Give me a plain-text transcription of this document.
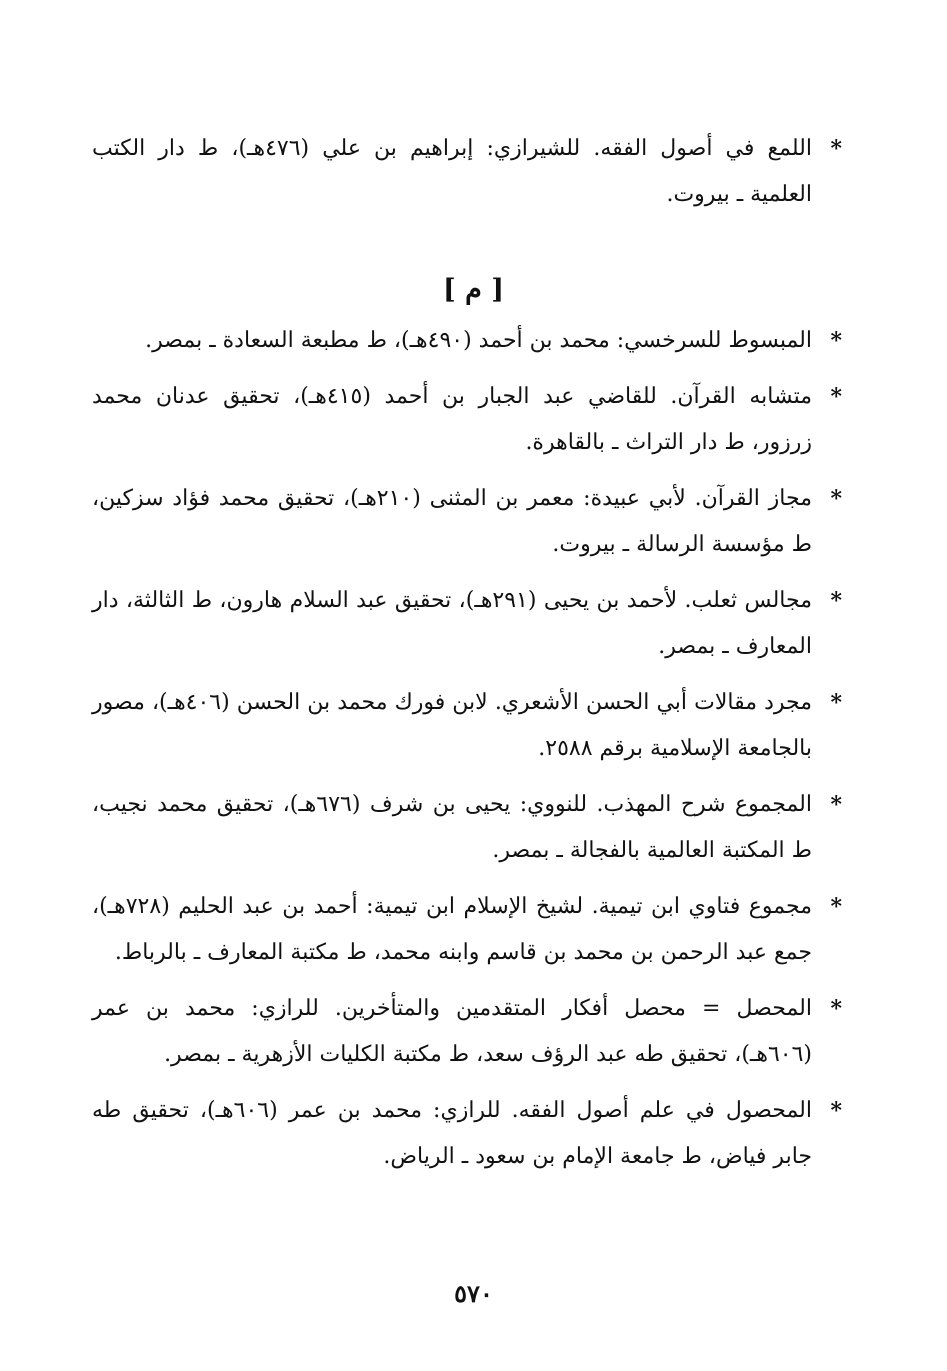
*
اللمع في أصول الفقه. للشيرازي: إبراهيم بن علي (٤٧٦هـ)، ط دار الكتب العلمية ـ بيروت.
[ م ]
*
المبسوط للسرخسي: محمد بن أحمد (٤٩٠هـ)، ط مطبعة السعادة ـ بمصر.
*
متشابه القرآن. للقاضي عبد الجبار بن أحمد (٤١٥هـ)، تحقيق عدنان محمد زرزور، ط دار التراث ـ بالقاهرة.
*
مجاز القرآن. لأبي عبيدة: معمر بن المثنى (٢١٠هـ)، تحقيق محمد فؤاد سزكين، ط مؤسسة الرسالة ـ بيروت.
*
مجالس ثعلب. لأحمد بن يحيى (٢٩١هـ)، تحقيق عبد السلام هارون، ط الثالثة، دار المعارف ـ بمصر.
*
مجرد مقالات أبي الحسن الأشعري. لابن فورك محمد بن الحسن (٤٠٦هـ)، مصور بالجامعة الإسلامية برقم ٢٥٨٨.
*
المجموع شرح المهذب. للنووي: يحيى بن شرف (٦٧٦هـ)، تحقيق محمد نجيب، ط المكتبة العالمية بالفجالة ـ بمصر.
*
مجموع فتاوي ابن تيمية. لشيخ الإسلام ابن تيمية: أحمد بن عبد الحليم (٧٢٨هـ)، جمع عبد الرحمن بن محمد بن قاسم وابنه محمد، ط مكتبة المعارف ـ بالرباط.
*
المحصل = محصل أفكار المتقدمين والمتأخرين. للرازي: محمد بن عمر (٦٠٦هـ)، تحقيق طه عبد الرؤف سعد، ط مكتبة الكليات الأزهرية ـ بمصر.
*
المحصول في علم أصول الفقه. للرازي: محمد بن عمر (٦٠٦هـ)، تحقيق طه جابر فياض، ط جامعة الإمام بن سعود ـ الرياض.
٥٧٠
